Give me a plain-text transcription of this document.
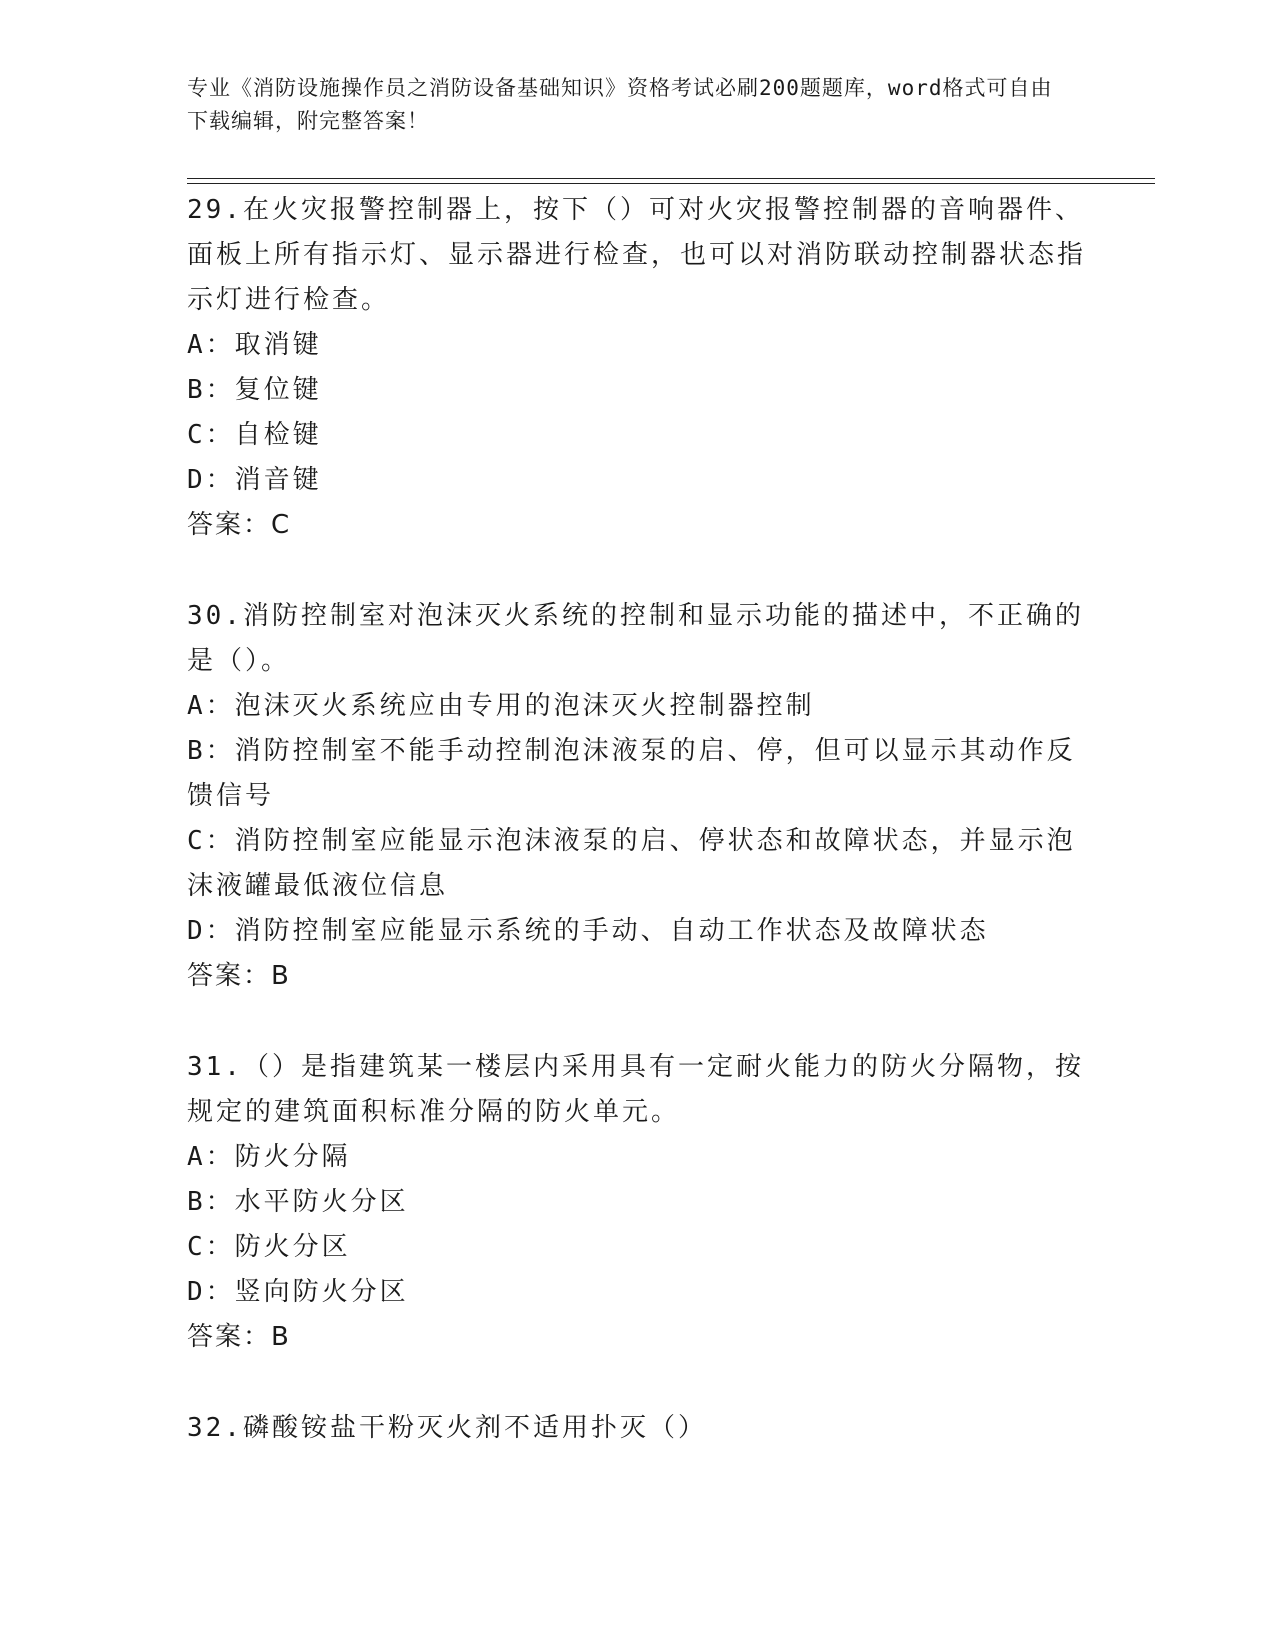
专业《消防设施操作员之消防设备基础知识》资格考试必刷200题题库，word格式可自由下载编辑，附完整答案！

29.在火灾报警控制器上，按下（）可对火灾报警控制器的音响器件、面板上所有指示灯、显示器进行检查，也可以对消防联动控制器状态指示灯进行检查。

A：取消键

B：复位键

C：自检键

D：消音键

答案：C

30.消防控制室对泡沫灭火系统的控制和显示功能的描述中，不正确的是（）。

A：泡沫灭火系统应由专用的泡沫灭火控制器控制

B：消防控制室不能手动控制泡沫液泵的启、停，但可以显示其动作反馈信号

C：消防控制室应能显示泡沫液泵的启、停状态和故障状态，并显示泡沫液罐最低液位信息

D：消防控制室应能显示系统的手动、自动工作状态及故障状态

答案：B

31.（）是指建筑某一楼层内采用具有一定耐火能力的防火分隔物，按规定的建筑面积标准分隔的防火单元。

A：防火分隔

B：水平防火分区

C：防火分区

D：竖向防火分区

答案：B

32.磷酸铵盐干粉灭火剂不适用扑灭（）
